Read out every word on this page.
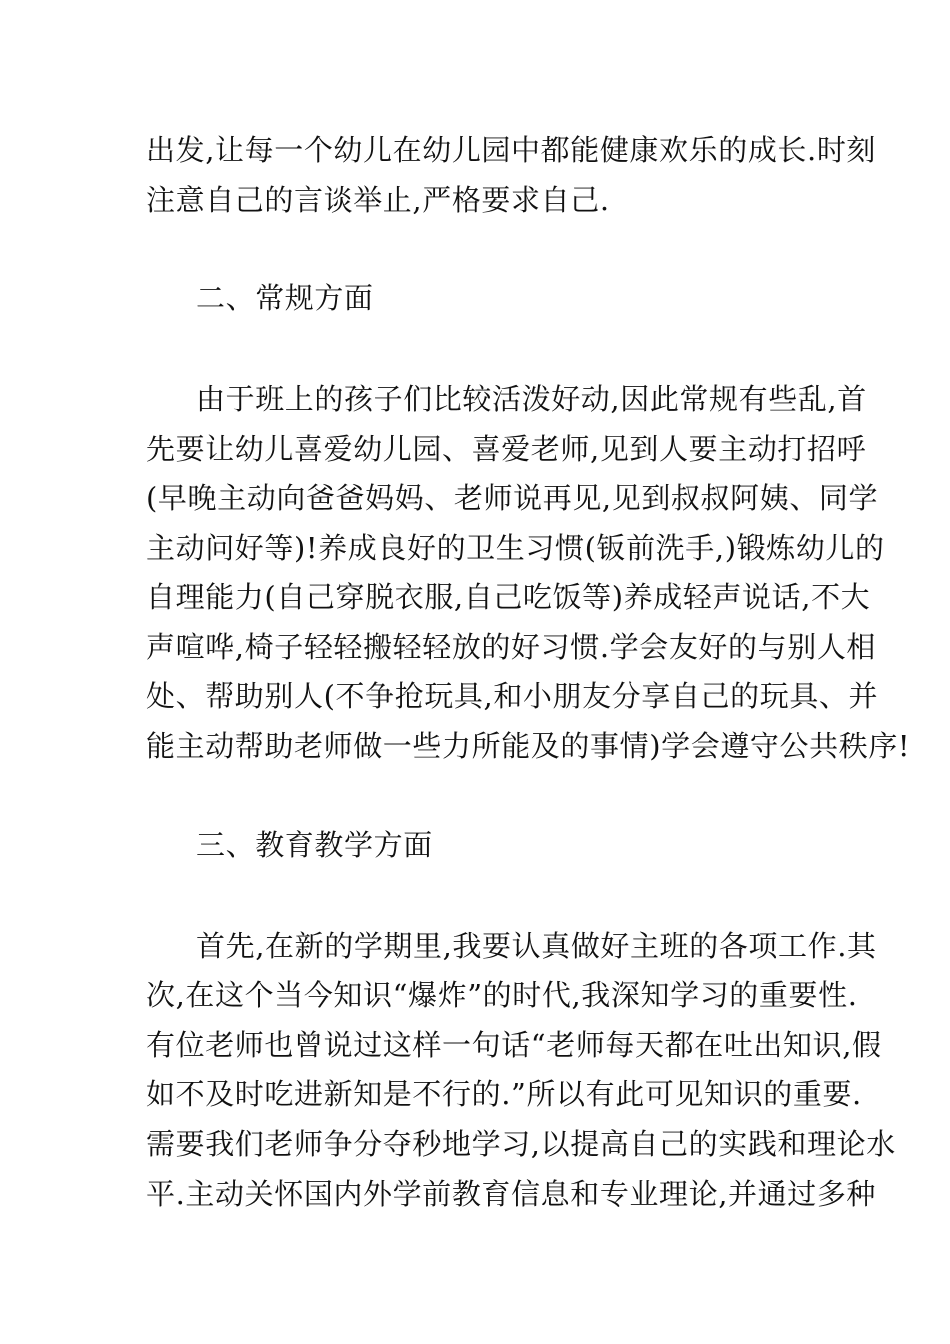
出发,让每一个幼儿在幼儿园中都能健康欢乐的成长.时刻
注意自己的言谈举止,严格要求自己.
二、常规方面
由于班上的孩子们比较活泼好动,因此常规有些乱,首
先要让幼儿喜爱幼儿园、喜爱老师,见到人要主动打招呼
(早晚主动向爸爸妈妈、老师说再见,见到叔叔阿姨、同学
主动问好等)!养成良好的卫生习惯(钣前洗手,)锻炼幼儿的
自理能力(自己穿脱衣服,自己吃饭等)养成轻声说话,不大
声喧哗,椅子轻轻搬轻轻放的好习惯.学会友好的与别人相
处、帮助别人(不争抢玩具,和小朋友分享自己的玩具、并
能主动帮助老师做一些力所能及的事情)学会遵守公共秩序!
三、教育教学方面
首先,在新的学期里,我要认真做好主班的各项工作.其
次,在这个当今知识“爆炸”的时代,我深知学习的重要性.
有位老师也曾说过这样一句话“老师每天都在吐出知识,假
如不及时吃进新知是不行的.”所以有此可见知识的重要.
需要我们老师争分夺秒地学习,以提高自己的实践和理论水
平.主动关怀国内外学前教育信息和专业理论,并通过多种
